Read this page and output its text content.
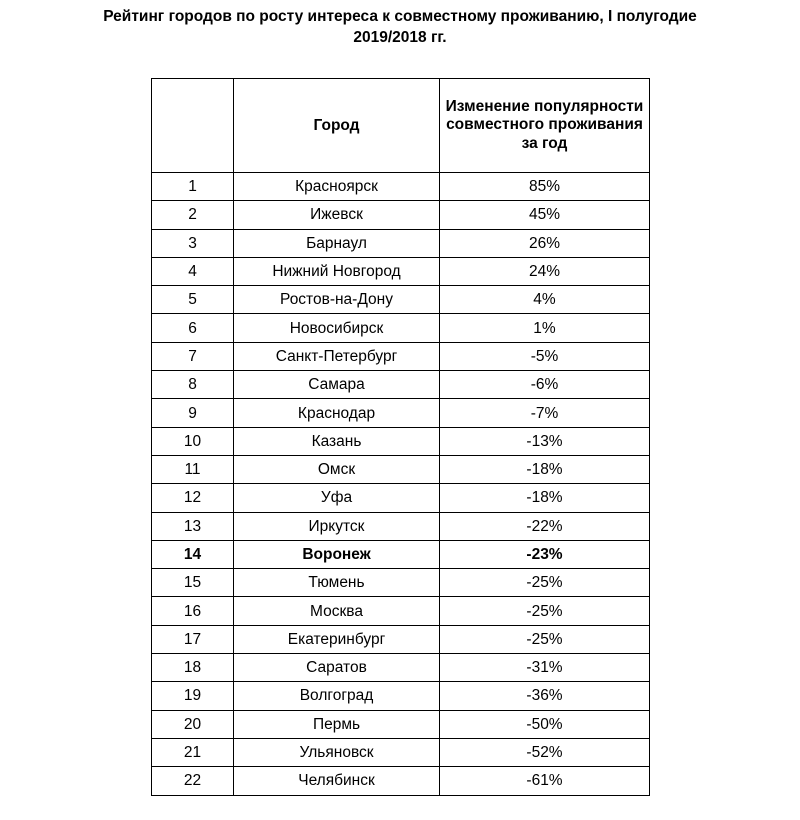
Рейтинг городов по росту интереса к совместному проживанию, I полугодие
2019/2018 гг.
	Город	Изменение популярности совместного проживания за год
1	Красноярск	85%
2	Ижевск	45%
3	Барнаул	26%
4	Нижний Новгород	24%
5	Ростов-на-Дону	4%
6	Новосибирск	1%
7	Санкт-Петербург	-5%
8	Самара	-6%
9	Краснодар	-7%
10	Казань	-13%
11	Омск	-18%
12	Уфа	-18%
13	Иркутск	-22%
14	Воронеж	-23%
15	Тюмень	-25%
16	Москва	-25%
17	Екатеринбург	-25%
18	Саратов	-31%
19	Волгоград	-36%
20	Пермь	-50%
21	Ульяновск	-52%
22	Челябинск	-61%
